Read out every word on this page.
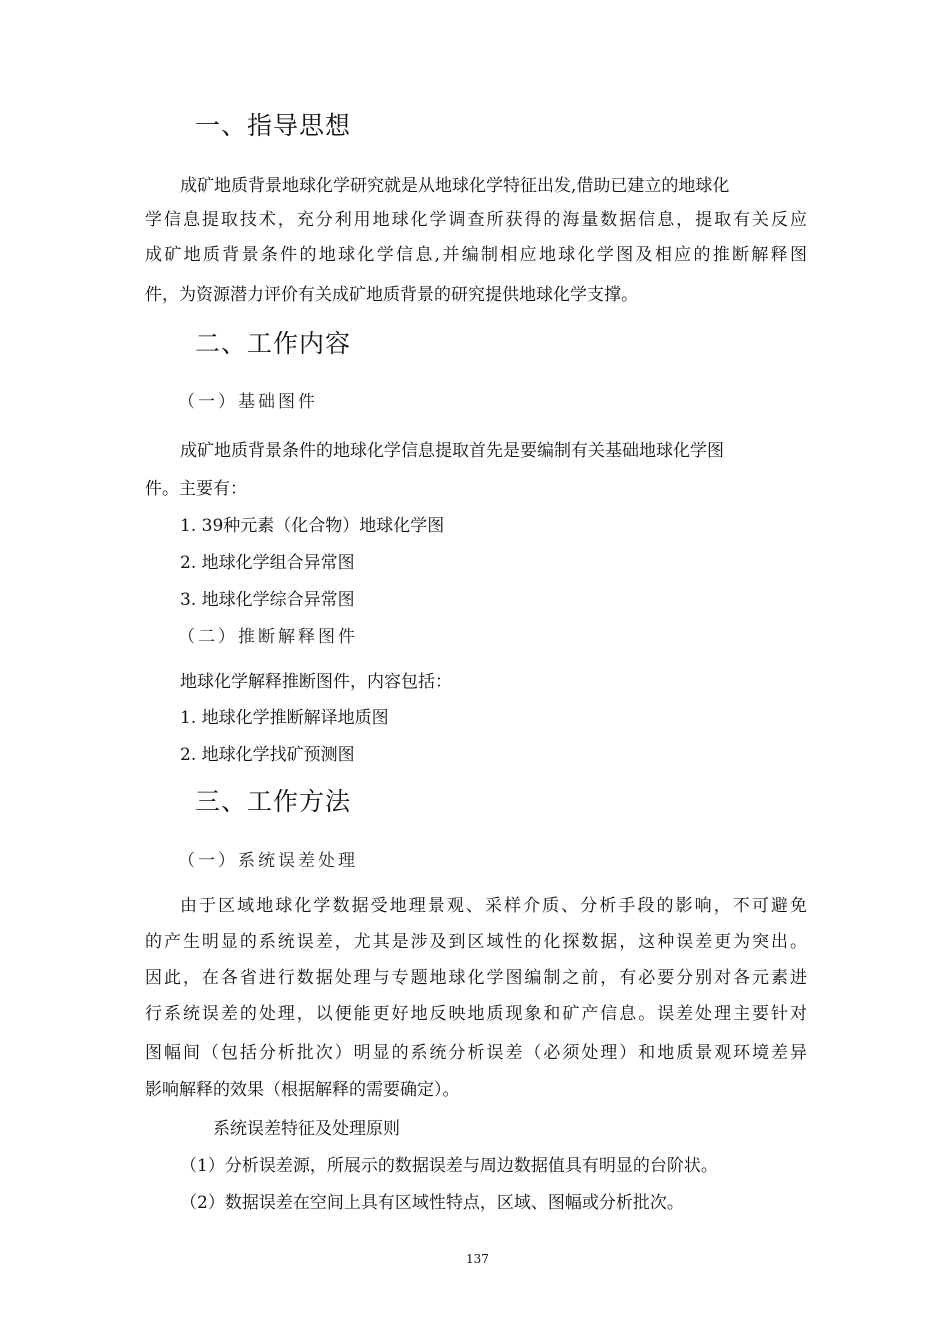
一、指导思想
成矿地质背景地球化学研究就是从地球化学特征出发,借助已建立的地球化
学信息提取技术，充分利用地球化学调查所获得的海量数据信息，提取有关反应
成矿地质背景条件的地球化学信息,并编制相应地球化学图及相应的推断解释图
件，为资源潜力评价有关成矿地质背景的研究提供地球化学支撑。
二、工作内容
（一）基础图件
成矿地质背景条件的地球化学信息提取首先是要编制有关基础地球化学图
件。主要有：
1. 39种元素（化合物）地球化学图
2. 地球化学组合异常图
3. 地球化学综合异常图
（二）推断解释图件
地球化学解释推断图件，内容包括：
1. 地球化学推断解译地质图
2. 地球化学找矿预测图
三、工作方法
（一）系统误差处理
由于区域地球化学数据受地理景观、采样介质、分析手段的影响，不可避免
的产生明显的系统误差，尤其是涉及到区域性的化探数据，这种误差更为突出。
因此，在各省进行数据处理与专题地球化学图编制之前，有必要分别对各元素进
行系统误差的处理，以便能更好地反映地质现象和矿产信息。误差处理主要针对
图幅间（包括分析批次）明显的系统分析误差（必须处理）和地质景观环境差异
影响解释的效果（根据解释的需要确定）。
系统误差特征及处理原则
（1）分析误差源，所展示的数据误差与周边数据值具有明显的台阶状。
（2）数据误差在空间上具有区域性特点，区域、图幅或分析批次。
137
